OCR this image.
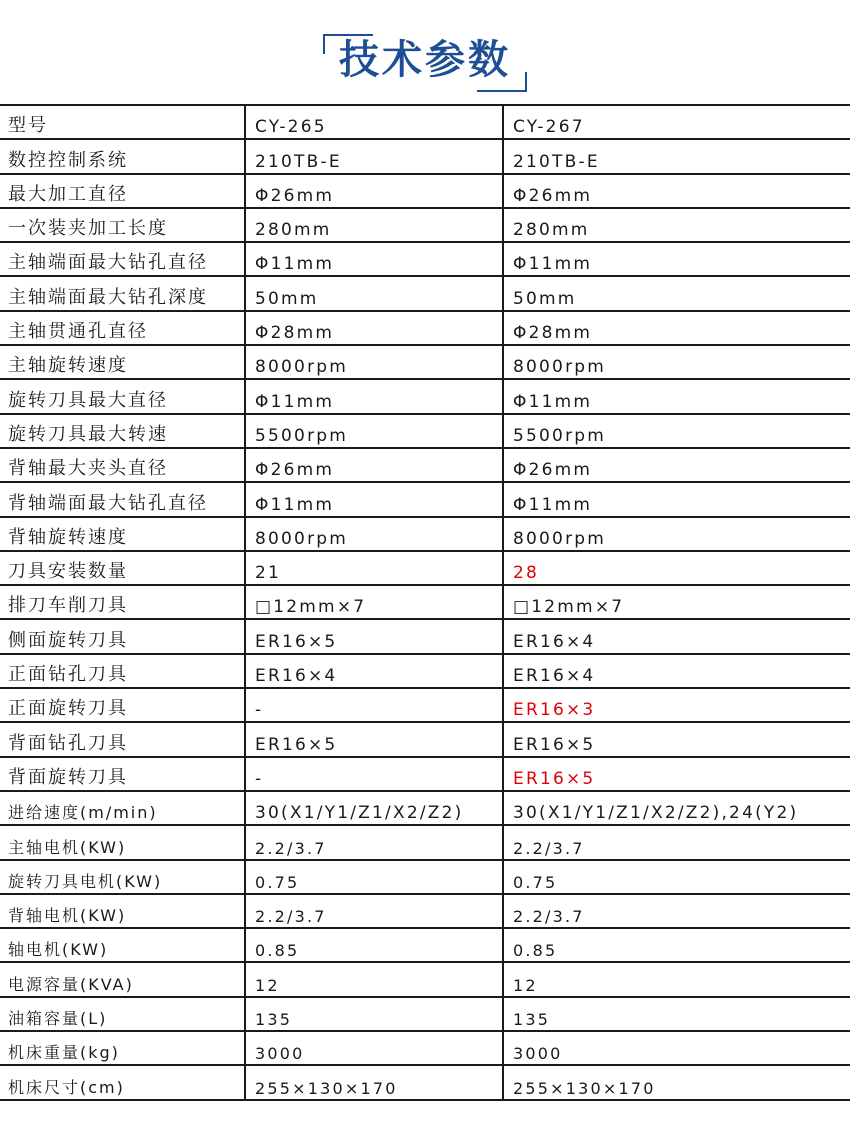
技术参数
型号	CY-265	CY-267
数控控制系统	210TB-E	210TB-E
最大加工直径	Φ26mm	Φ26mm
一次装夹加工长度	280mm	280mm
主轴端面最大钻孔直径	Φ11mm	Φ11mm
主轴端面最大钻孔深度	50mm	50mm
主轴贯通孔直径	Φ28mm	Φ28mm
主轴旋转速度	8000rpm	8000rpm
旋转刀具最大直径	Φ11mm	Φ11mm
旋转刀具最大转速	5500rpm	5500rpm
背轴最大夹头直径	Φ26mm	Φ26mm
背轴端面最大钻孔直径	Φ11mm	Φ11mm
背轴旋转速度	8000rpm	8000rpm
刀具安装数量	21	28
排刀车削刀具	□12mm×7	□12mm×7
侧面旋转刀具	ER16×5	ER16×4
正面钻孔刀具	ER16×4	ER16×4
正面旋转刀具	-	ER16×3
背面钻孔刀具	ER16×5	ER16×5
背面旋转刀具	-	ER16×5
进给速度(m/min)	30(X1/Y1/Z1/X2/Z2)	30(X1/Y1/Z1/X2/Z2),24(Y2)
主轴电机(KW)	2.2/3.7	2.2/3.7
旋转刀具电机(KW)	0.75	0.75
背轴电机(KW)	2.2/3.7	2.2/3.7
轴电机(KW)	0.85	0.85
电源容量(KVA)	12	12
油箱容量(L)	135	135
机床重量(kg)	3000	3000
机床尺寸(cm)	255×130×170	255×130×170
